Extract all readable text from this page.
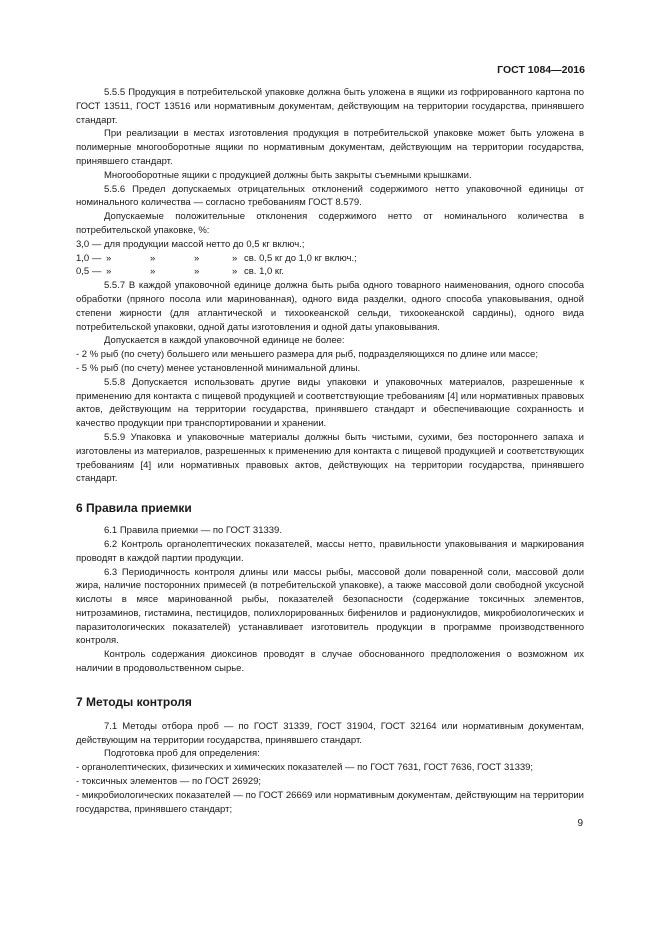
ГОСТ 1084—2016

5.5.5 Продукция в потребительской упаковке должна быть уложена в ящики из гофрированного картона по ГОСТ 13511, ГОСТ 13516 или нормативным документам, действующим на территории государства, принявшего стандарт.

При реализации в местах изготовления продукция в потребительской упаковке может быть уложена в полимерные многооборотные ящики по нормативным документам, действующим на территории государства, принявшего стандарт.

Многооборотные ящики с продукцией должны быть закрыты съемными крышками.

5.5.6 Предел допускаемых отрицательных отклонений содержимого нетто упаковочной единицы от номинального количества — согласно требованиям ГОСТ 8.579.

Допускаемые положительные отклонения содержимого нетто от номинального количества в потребительской упаковке, %:

3,0 — для продукции массой нетто до 0,5 кг включ.;

1,0 — »	»	»	» св. 0,5 кг до 1,0 кг включ.;
0,5 — »	»	»	» св. 1,0 кг.

5.5.7 В каждой упаковочной единице должна быть рыба одного товарного наименования, одного способа обработки (пряного посола или маринованная), одного вида разделки, одного способа упаковывания, одной степени жирности (для атлантической и тихоокеанской сельди, тихоокеанской сардины), одного вида потребительской упаковки, одной даты изготовления и одной даты упаковывания.

Допускается в каждой упаковочной единице не более:

- 2 % рыб (по счету) большего или меньшего размера для рыб, подразделяющихся по длине или массе;

- 5 % рыб (по счету) менее установленной минимальной длины.

5.5.8 Допускается использовать другие виды упаковки и упаковочных материалов, разрешенные к применению для контакта с пищевой продукцией и соответствующие требованиям [4] или нормативных правовых актов, действующим на территории государства, принявшего стандарт и обеспечивающие сохранность и качество продукции при транспортировании и хранении.

5.5.9 Упаковка и упаковочные материалы должны быть чистыми, сухими, без постороннего запаха и изготовлены из материалов, разрешенных к применению для контакта с пищевой продукцией и соответствующих требованиям [4] или нормативных правовых актов, действующих на территории государства, принявшего стандарт.

6 Правила приемки

6.1 Правила приемки — по ГОСТ 31339.

6.2 Контроль органолептических показателей, массы нетто, правильности упаковывания и маркирования проводят в каждой партии продукции.

6.3 Периодичность контроля длины или массы рыбы, массовой доли поваренной соли, массовой доли жира, наличие посторонних примесей (в потребительской упаковке), а также массовой доли свободной уксусной кислоты в мясе маринованной рыбы, показателей безопасности (содержание токсичных элементов, нитрозаминов, гистамина, пестицидов, полихлорированных бифенилов и радионуклидов, микробиологических и паразитологических показателей) устанавливает изготовитель продукции в программе производственного контроля.

Контроль содержания диоксинов проводят в случае обоснованного предположения о возможном их наличии в продовольственном сырье.

7 Методы контроля

7.1 Методы отбора проб — по ГОСТ 31339, ГОСТ 31904, ГОСТ 32164 или нормативным документам, действующим на территории государства, принявшего стандарт.

Подготовка проб для определения:

- органолептических, физических и химических показателей — по ГОСТ 7631, ГОСТ 7636, ГОСТ 31339;

- токсичных элементов — по ГОСТ 26929;

- микробиологических показателей — по ГОСТ 26669 или нормативным документам, действующим на территории государства, принявшего стандарт;

9
